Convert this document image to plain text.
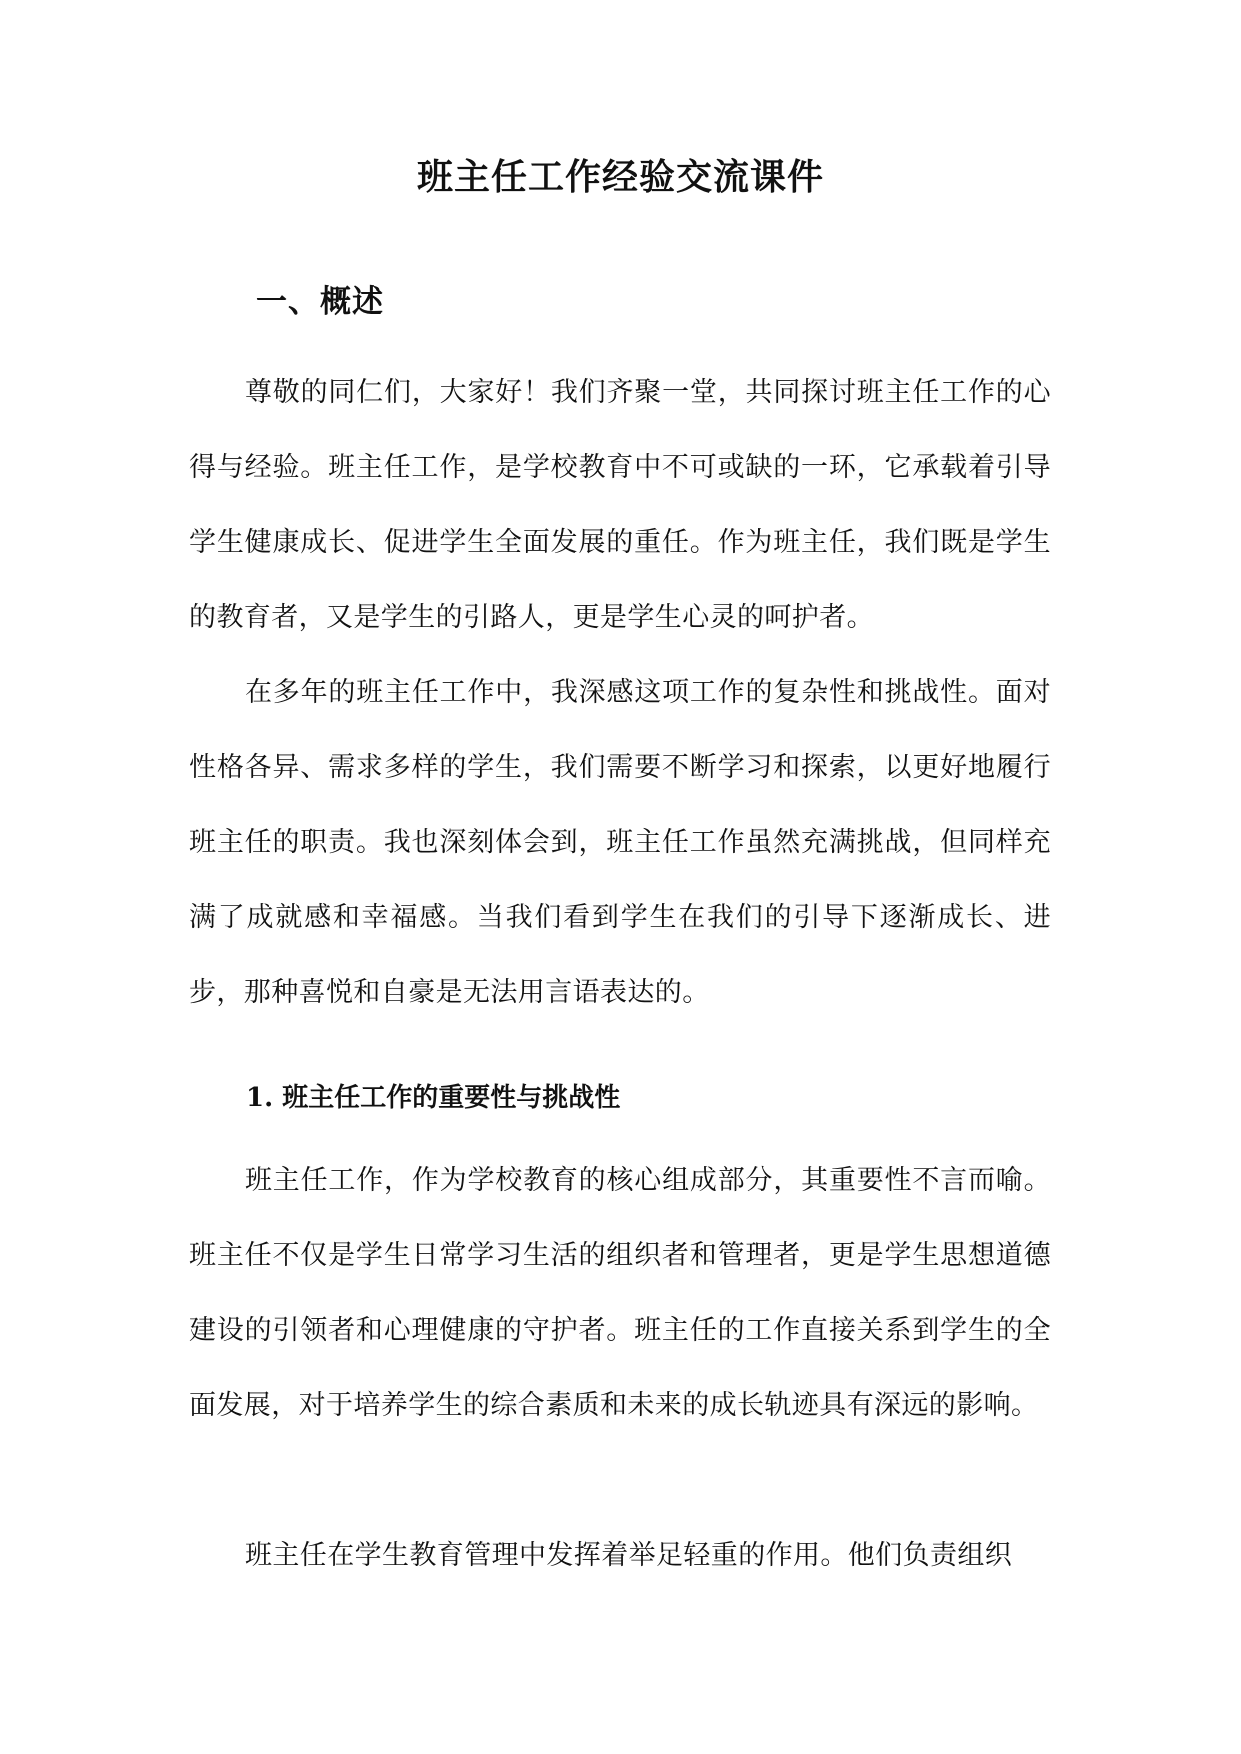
班主任工作经验交流课件
一、概述

尊敬的同仁们，大家好！我们齐聚一堂，共同探讨班主任工作的心得与经验。班主任工作，是学校教育中不可或缺的一环，它承载着引导学生健康成长、促进学生全面发展的重任。作为班主任，我们既是学生的教育者，又是学生的引路人，更是学生心灵的呵护者。

在多年的班主任工作中，我深感这项工作的复杂性和挑战性。面对性格各异、需求多样的学生，我们需要不断学习和探索，以更好地履行班主任的职责。我也深刻体会到，班主任工作虽然充满挑战，但同样充满了成就感和幸福感。当我们看到学生在我们的引导下逐渐成长、进步，那种喜悦和自豪是无法用言语表达的。

1. 班主任工作的重要性与挑战性

班主任工作，作为学校教育的核心组成部分，其重要性不言而喻。班主任不仅是学生日常学习生活的组织者和管理者，更是学生思想道德建设的引领者和心理健康的守护者。班主任的工作直接关系到学生的全面发展，对于培养学生的综合素质和未来的成长轨迹具有深远的影响。

班主任在学生教育管理中发挥着举足轻重的作用。他们负责组织
